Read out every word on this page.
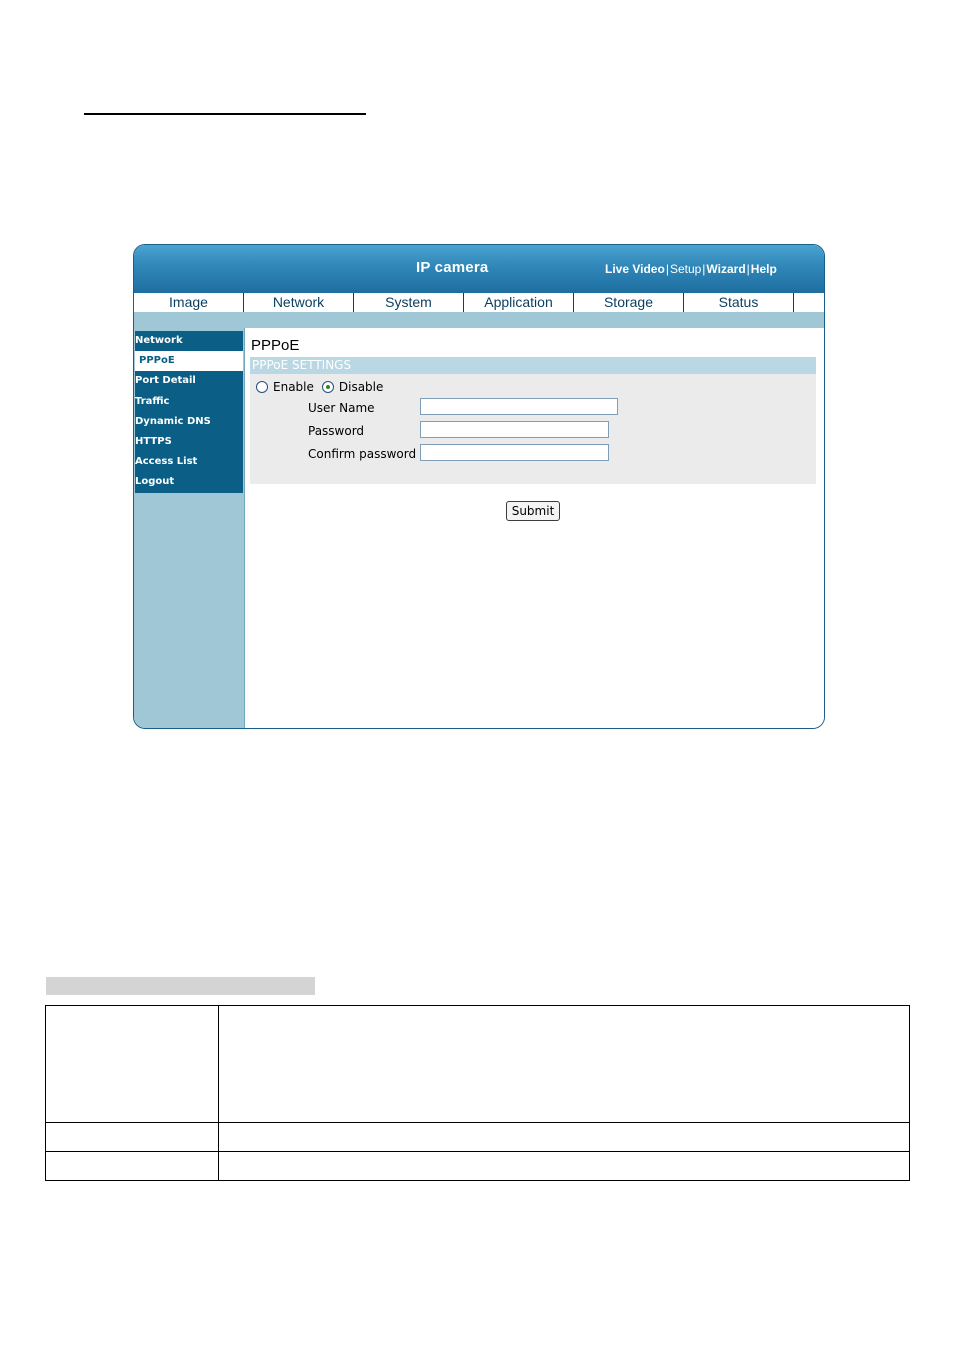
IP camera	Live Video|Setup|Wizard|Help
Image	Network	System	Application	Storage	Status
Network
PPPoE
Port Detail
Traffic
Dynamic DNS
HTTPS
Access List
Logout
PPPoE
PPPoE SETTINGS
Enable Disable
User Name
Password
Confirm password
Submit
